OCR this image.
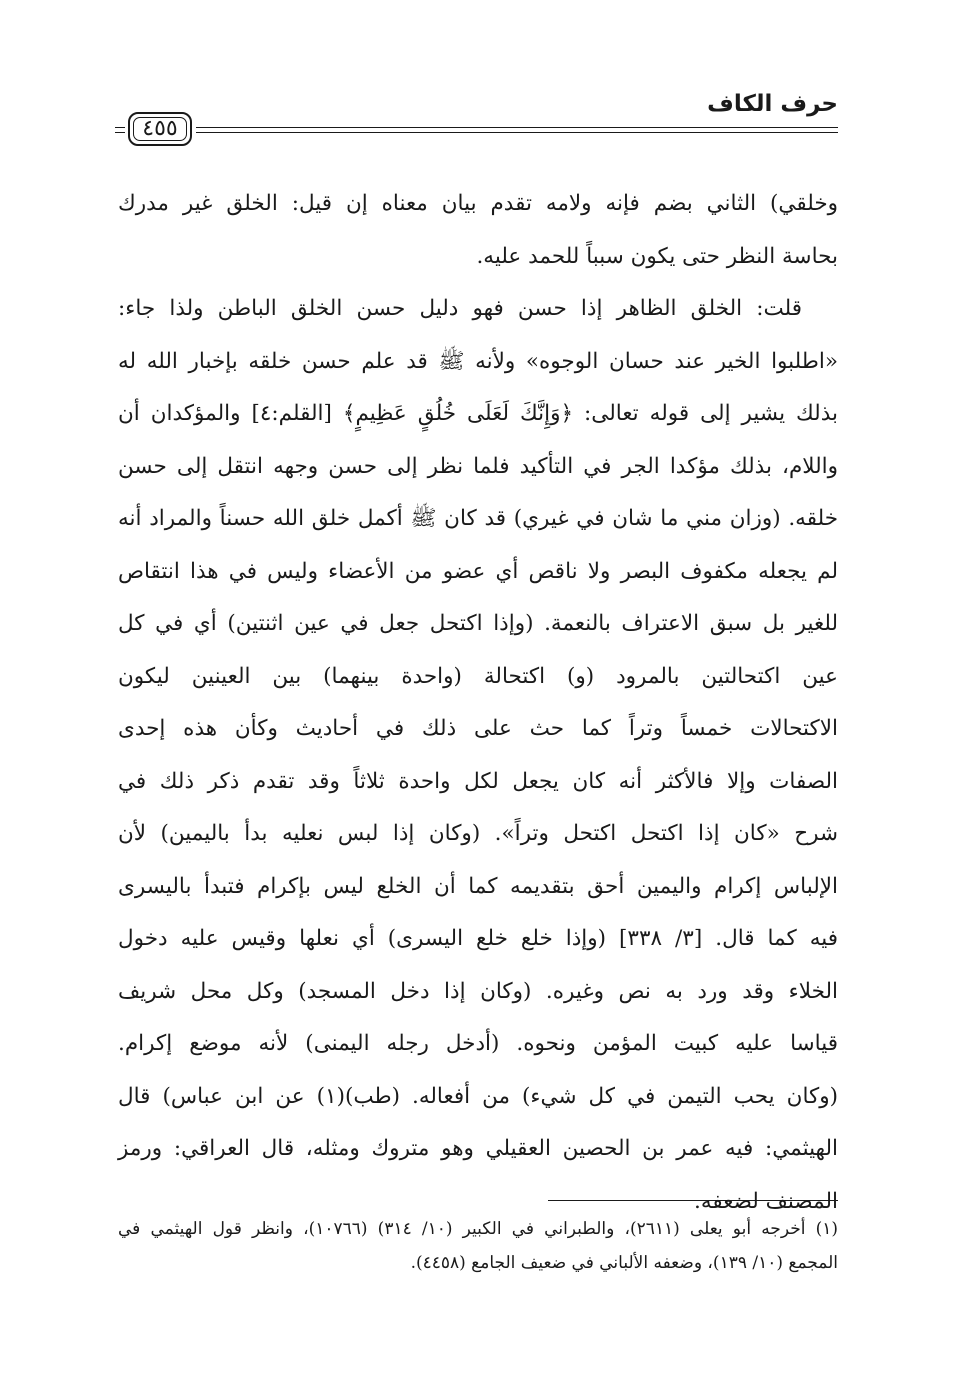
حرف الكاف
٤٥٥
وخلقي) الثاني بضم فإنه ولامه تقدم بيان معناه إن قيل: الخلق غير مدرك
بحاسة النظر حتى يكون سبباً للحمد عليه.
قلت: الخلق الظاهر إذا حسن فهو دليل حسن الخلق الباطن ولذا جاء:
«اطلبوا الخير عند حسان الوجوه» ولأنه ﷺ قد علم حسن خلقه بإخبار الله له
بذلك يشير إلى قوله تعالى: ﴿وَإِنَّكَ لَعَلَى خُلُقٍ عَظِيمٍ﴾ [القلم:٤] والمؤكدان أن
واللام، بذلك مؤكدا الجر في التأكيد فلما نظر إلى حسن وجهه انتقل إلى حسن
خلقه. (وزان مني ما شان في غيري) قد كان ﷺ أكمل خلق الله حسناً والمراد أنه
لم يجعله مكفوف البصر ولا ناقص أي عضو من الأعضاء وليس في هذا انتقاص
للغير بل سبق الاعتراف بالنعمة. (وإذا اكتحل جعل في عين اثنتين) أي في كل
عين اكتحالتين بالمرود (و) اكتحالة (واحدة بينهما) بين العينين ليكون
الاكتحالات خمساً وتراً كما حث على ذلك في أحاديث وكأن هذه إحدى
الصفات وإلا فالأكثر أنه كان يجعل لكل واحدة ثلاثاً وقد تقدم ذكر ذلك في
شرح «كان إذا اكتحل اكتحل وتراً». (وكان إذا لبس نعليه بدأ باليمين) لأن
الإلباس إكرام واليمين أحق بتقديمه كما أن الخلع ليس بإكرام فتبدأ باليسرى
فيه كما قال. [٣/ ٣٣٨] (وإذا خلع خلع اليسرى) أي نعلها وقيس عليه دخول
الخلاء وقد ورد به نص وغيره. (وكان إذا دخل المسجد) وكل محل شريف
قياسا عليه كبيت المؤمن ونحوه. (أدخل رجله اليمنى) لأنه موضع إكرام.
(وكان يحب التيمن في كل شيء) من أفعاله. (طب)(١) عن ابن عباس) قال
الهيثمي: فيه عمر بن الحصين العقيلي وهو متروك ومثله، قال العراقي: ورمز
المصنف لضعفه.
(١) أخرجه أبو يعلى (٢٦١١)، والطبراني في الكبير (١٠/ ٣١٤) (١٠٧٦٦)، وانظر قول الهيثمي في
المجمع (١٠/ ١٣٩)، وضعفه الألباني في ضعيف الجامع (٤٤٥٨).
